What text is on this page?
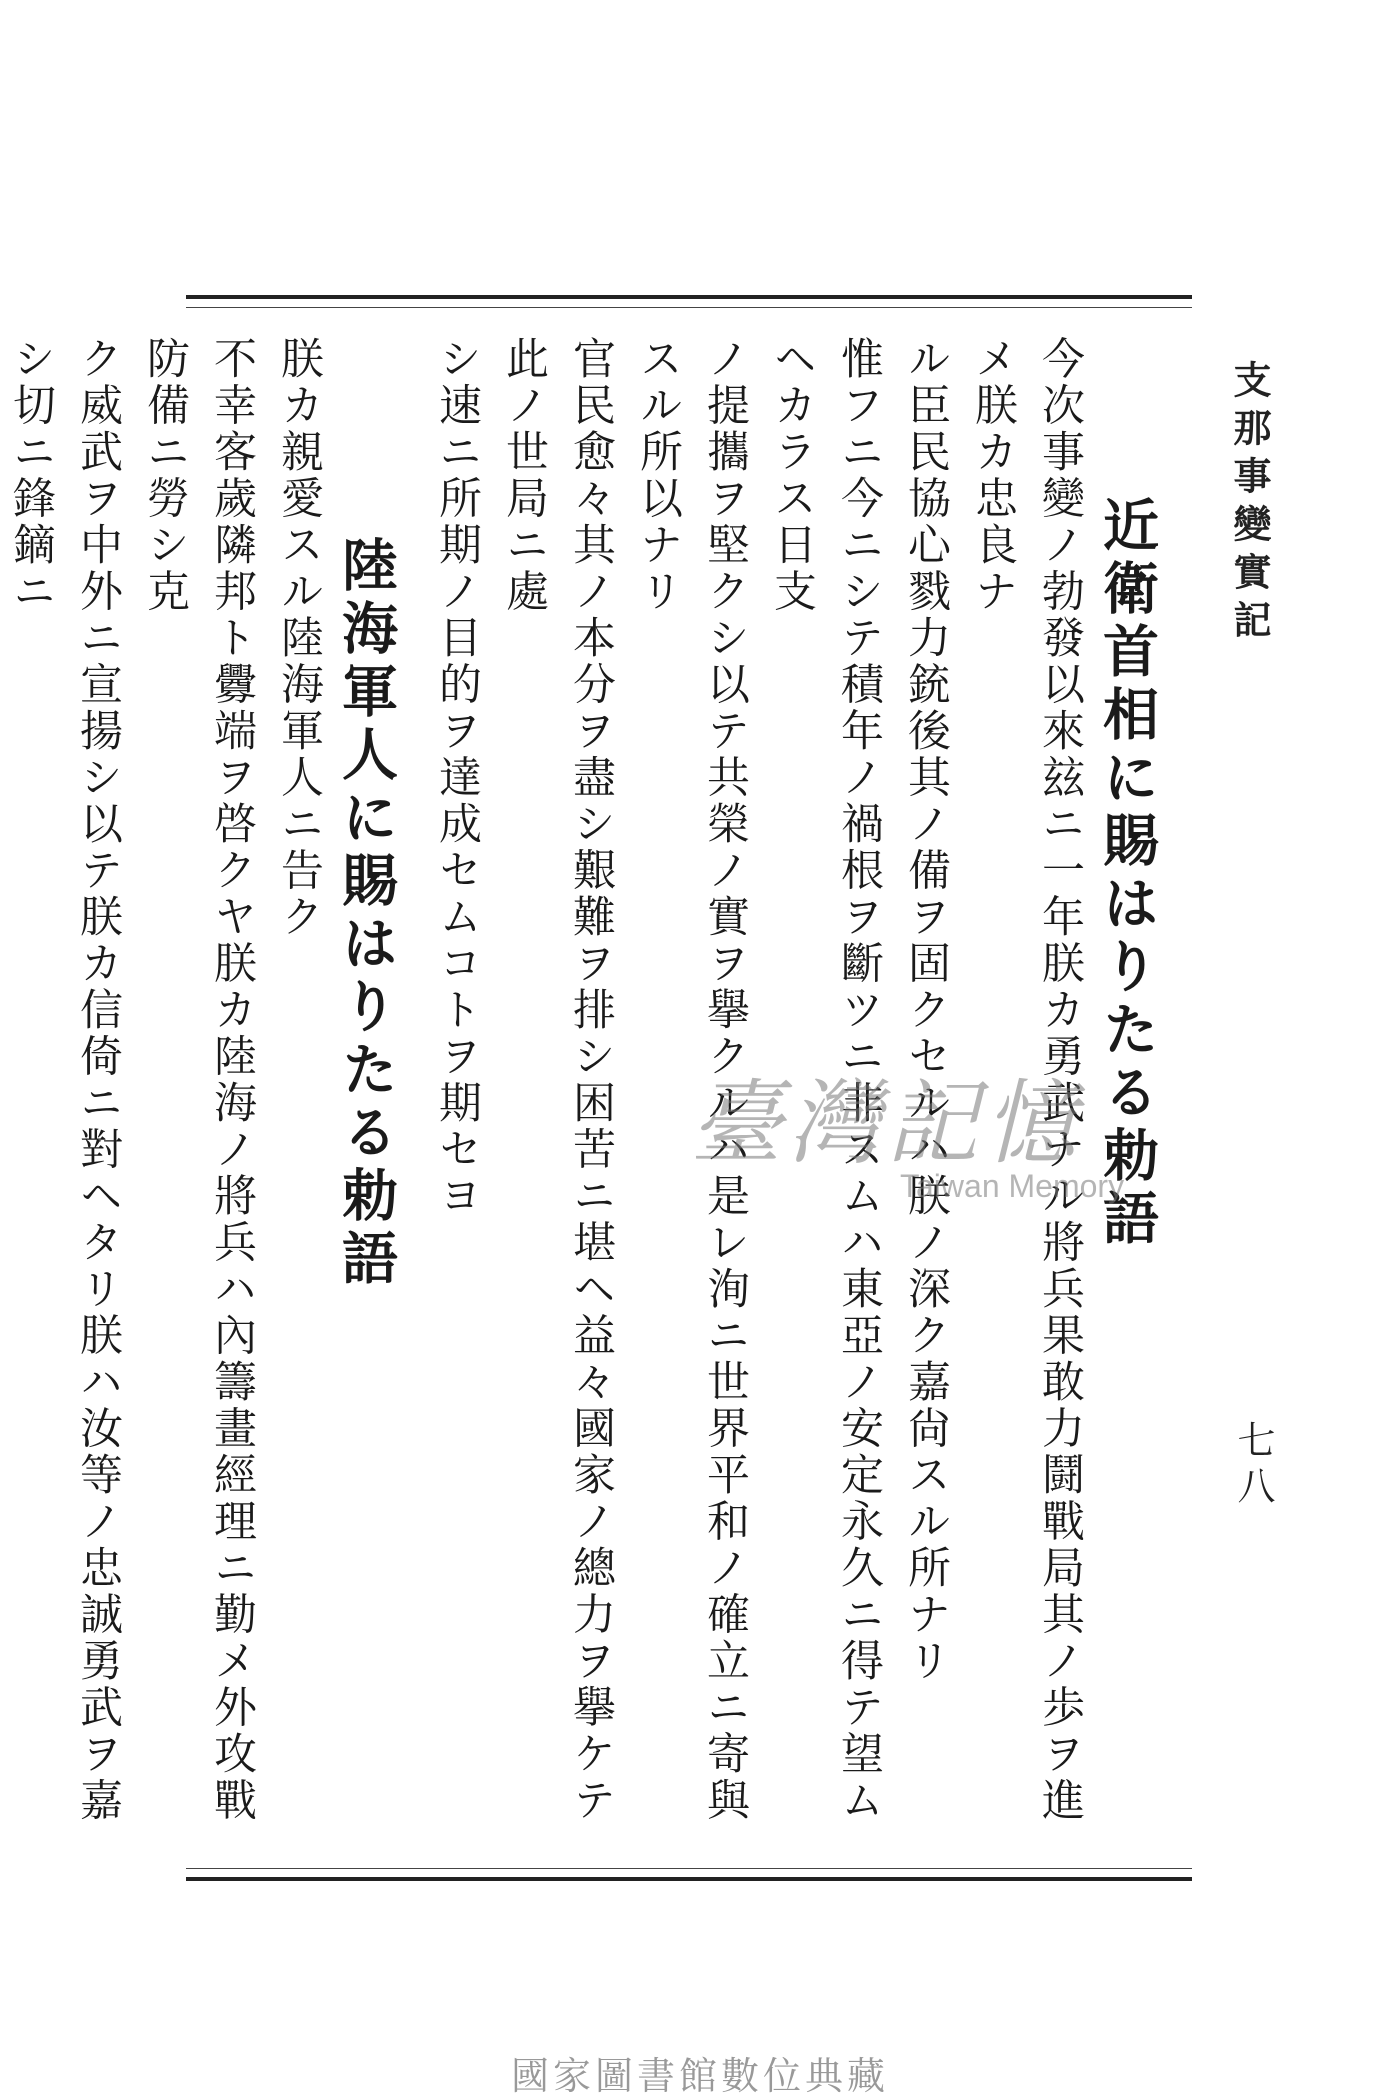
支那事變實記
七八

近衛首相に賜はりたる勅語

今次事變ノ勃發以來玆ニ一年朕カ勇武ナル將兵果敢力鬪戰局其ノ歩ヲ進メ朕カ忠良ナ

ル臣民協心戮力銃後其ノ備ヲ固クセルハ朕ノ深ク嘉尙スル所ナリ

惟フニ今ニシテ積年ノ禍根ヲ斷ツニ非スムハ東亞ノ安定永久ニ得テ望ムヘカラス日支

ノ提攜ヲ堅クシ以テ共榮ノ實ヲ擧クルハ是レ洵ニ世界平和ノ確立ニ寄與スル所以ナリ

官民愈々其ノ本分ヲ盡シ艱難ヲ排シ困苦ニ堪ヘ益々國家ノ總力ヲ擧ケテ此ノ世局ニ處

シ速ニ所期ノ目的ヲ達成セムコトヲ期セヨ

陸海軍人に賜はりたる勅語

朕カ親愛スル陸海軍人ニ告ク

不幸客歲隣邦ト釁端ヲ啓クヤ朕カ陸海ノ將兵ハ內籌畫經理ニ勤メ外攻戰防備ニ勞シ克

ク威武ヲ中外ニ宣揚シ以テ朕カ信倚ニ對ヘタリ朕ハ汝等ノ忠誠勇武ヲ嘉シ切ニ鋒鏑ニ

臺灣記憶
Taiwan Memory
國家圖書館數位典藏
